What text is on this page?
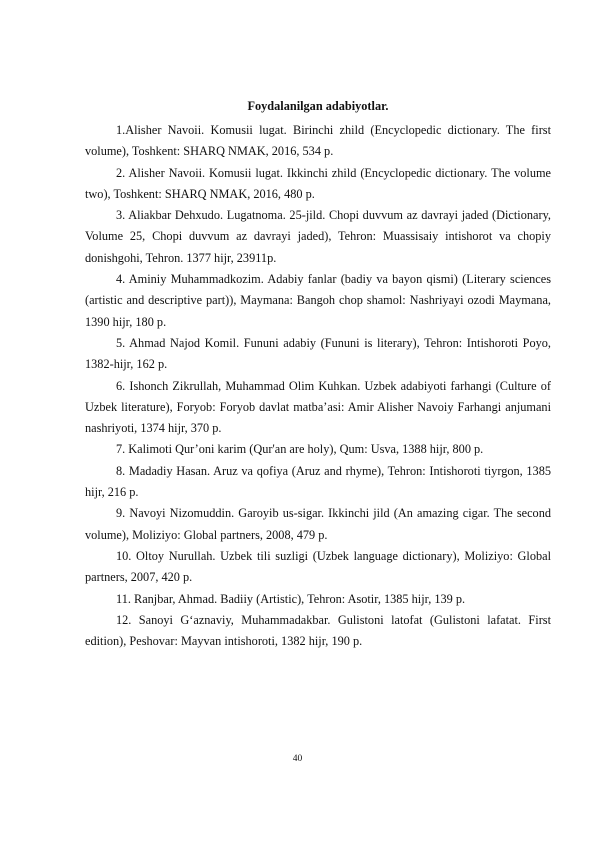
Foydalanilgan adabiyotlar.

1.Alisher Navoii. Komusii lugat. Birinchi zhild (Encyclopedic dictionary. The first volume), Toshkent: SHARQ NMAK, 2016, 534 p.

2. Alisher Navoii. Komusii lugat. Ikkinchi zhild (Encyclopedic dictionary. The volume two), Toshkent: SHARQ NMAK, 2016, 480 p.

3. Aliakbar Dehxudo. Lugatnoma. 25-jild. Chopi duvvum az davrayi jaded (Dictionary, Volume 25, Chopi duvvum az davrayi jaded), Tehron: Muassisaiy intishorot va chopiy donishgohi, Tehron. 1377 hijr, 23911p.

4. Aminiy Muhammadkozim. Adabiy fanlar (badiy va bayon qismi) (Literary sciences (artistic and descriptive part)), Maymana: Bangoh chop shamol: Nashriyayi ozodi Maymana, 1390 hijr, 180 p.

5. Ahmad Najod Komil. Fununi adabiy (Fununi is literary), Tehron: Intishoroti Poyo, 1382-hijr, 162 p.

6. Ishonch Zikrullah, Muhammad Olim Kuhkan. Uzbek adabiyoti farhangi (Culture of Uzbek literature), Foryob: Foryob davlat matba’asi: Amir Alisher Navoiy Farhangi anjumani nashriyoti, 1374 hijr, 370 p.

7. Kalimoti Qur’oni karim (Qur'an are holy), Qum: Usva, 1388 hijr, 800 p.

8. Madadiy Hasan. Aruz va qofiya (Aruz and rhyme), Tehron: Intishoroti tiyrgon, 1385 hijr, 216 p.

9. Navoyi Nizomuddin. Garoyib us-sigar. Ikkinchi jild (An amazing cigar. The second volume), Moliziyo: Global partners, 2008, 479 p.

10. Oltoy Nurullah. Uzbek tili suzligi (Uzbek language dictionary), Moliziyo: Global partners, 2007, 420 p.

11. Ranjbar, Ahmad. Badiiy (Artistic), Tehron: Asotir, 1385 hijr, 139 p.

12. Sanoyi G‘aznaviy, Muhammadakbar. Gulistoni latofat (Gulistoni lafatat. First edition), Peshovar: Mayvan intishoroti, 1382 hijr, 190 p.

40
